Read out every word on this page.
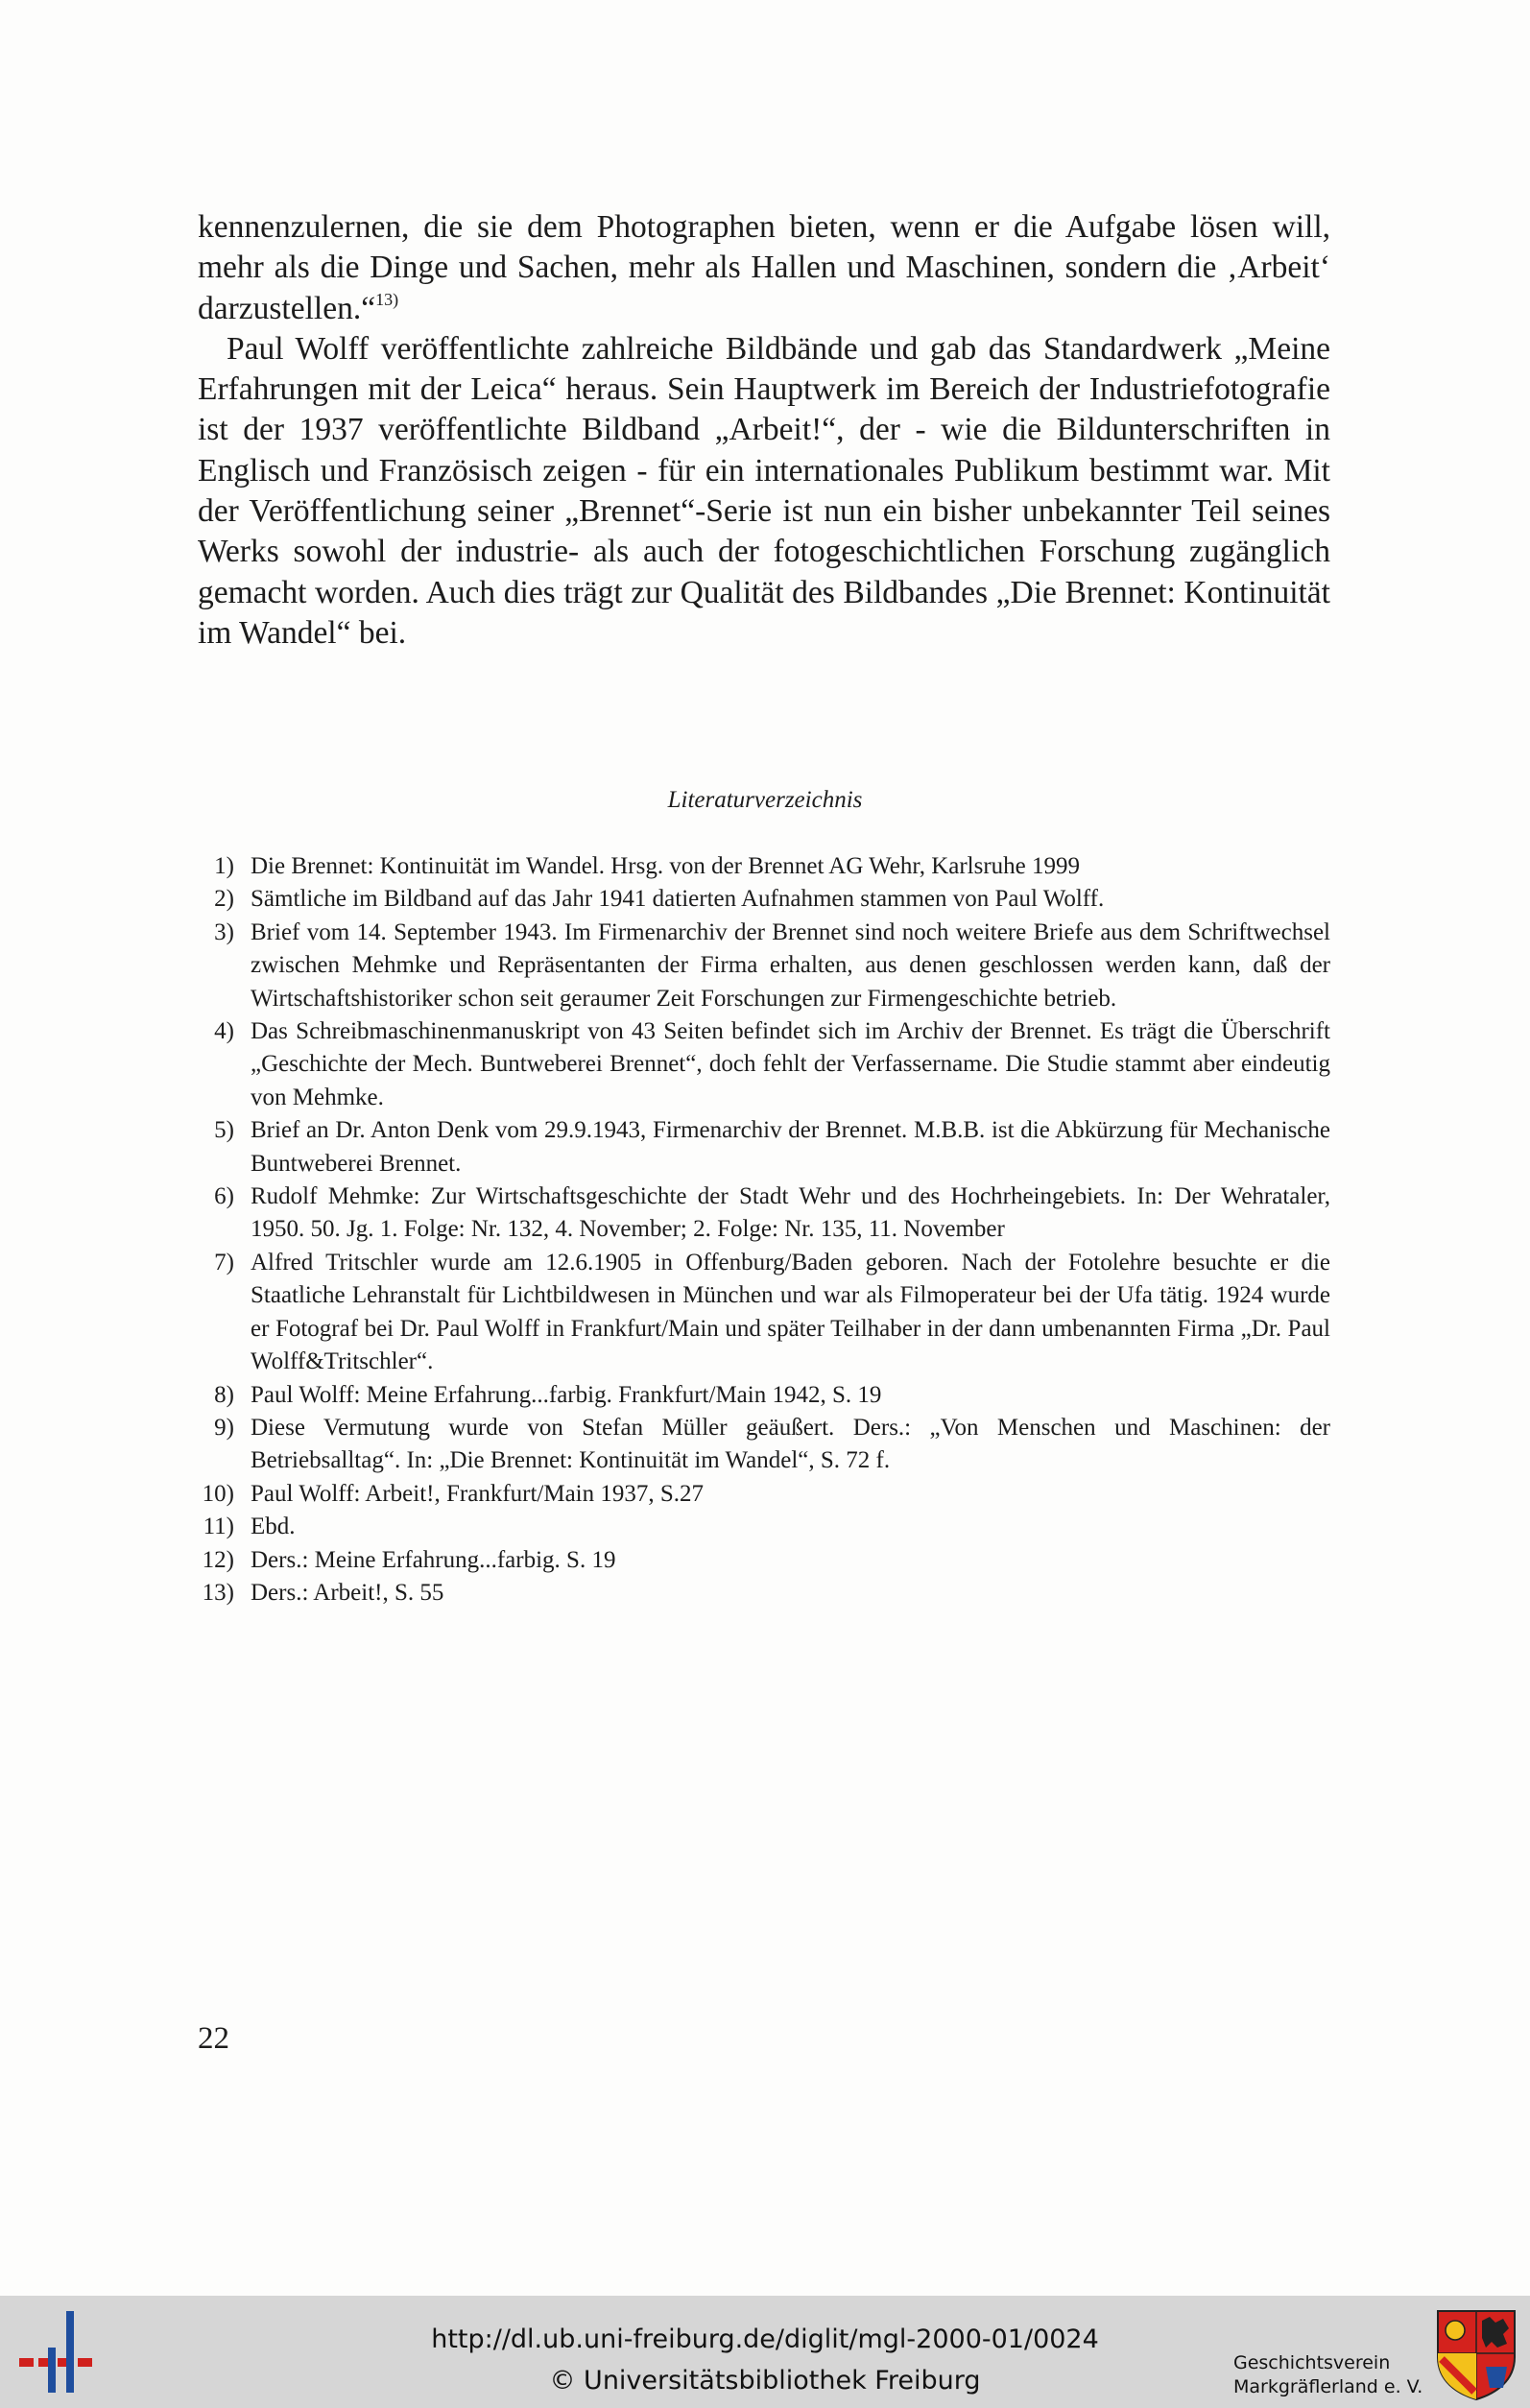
kennenzulernen, die sie dem Photographen bieten, wenn er die Aufgabe lösen will, mehr als die Dinge und Sachen, mehr als Hallen und Maschinen, sondern die ‚Arbeit‘ darzustellen.“$^{13)}$

Paul Wolff veröffentlichte zahlreiche Bildbände und gab das Standardwerk „Meine Erfahrungen mit der Leica“ heraus. Sein Hauptwerk im Bereich der Industriefotografie ist der 1937 veröffentlichte Bildband „Arbeit!“, der - wie die Bildunterschriften in Englisch und Französisch zeigen - für ein internationales Publikum bestimmt war. Mit der Veröffentlichung seiner „Brennet“-Serie ist nun ein bisher unbekannter Teil seines Werks sowohl der industrie- als auch der fotogeschichtlichen Forschung zugänglich gemacht worden. Auch dies trägt zur Qualität des Bildbandes „Die Brennet: Kontinuität im Wandel“ bei.

Literaturverzeichnis
1) Die Brennet: Kontinuität im Wandel. Hrsg. von der Brennet AG Wehr, Karlsruhe 1999
2) Sämtliche im Bildband auf das Jahr 1941 datierten Aufnahmen stammen von Paul Wolff.
3) Brief vom 14. September 1943. Im Firmenarchiv der Brennet sind noch weitere Briefe aus dem Schriftwechsel zwischen Mehmke und Repräsentanten der Firma erhalten, aus denen geschlossen werden kann, daß der Wirtschaftshistoriker schon seit geraumer Zeit Forschungen zur Firmengeschichte betrieb.
4) Das Schreibmaschinenmanuskript von 43 Seiten befindet sich im Archiv der Brennet. Es trägt die Überschrift „Geschichte der Mech. Buntweberei Brennet“, doch fehlt der Verfassername. Die Studie stammt aber eindeutig von Mehmke.
5) Brief an Dr. Anton Denk vom 29.9.1943, Firmenarchiv der Brennet. M.B.B. ist die Abkürzung für Mechanische Buntweberei Brennet.
6) Rudolf Mehmke: Zur Wirtschaftsgeschichte der Stadt Wehr und des Hochrheingebiets. In: Der Wehrataler, 1950. 50. Jg. 1. Folge: Nr. 132, 4. November; 2. Folge: Nr. 135, 11. November
7) Alfred Tritschler wurde am 12.6.1905 in Offenburg/Baden geboren. Nach der Fotolehre besuchte er die Staatliche Lehranstalt für Lichtbildwesen in München und war als Filmoperateur bei der Ufa tätig. 1924 wurde er Fotograf bei Dr. Paul Wolff in Frankfurt/Main und später Teilhaber in der dann umbenannten Firma „Dr. Paul Wolff&Tritschler“.
8) Paul Wolff: Meine Erfahrung...farbig. Frankfurt/Main 1942, S. 19
9) Diese Vermutung wurde von Stefan Müller geäußert. Ders.: „Von Menschen und Maschinen: der Betriebsalltag“. In: „Die Brennet: Kontinuität im Wandel“, S. 72 f.
10) Paul Wolff: Arbeit!, Frankfurt/Main 1937, S.27
11) Ebd.
12) Ders.: Meine Erfahrung...farbig. S. 19
13) Ders.: Arbeit!, S. 55

22

http://dl.ub.uni-freiburg.de/diglit/mgl-2000-01/0024
© Universitätsbibliothek Freiburg
Geschichtsverein
Markgräflerland e. V.
